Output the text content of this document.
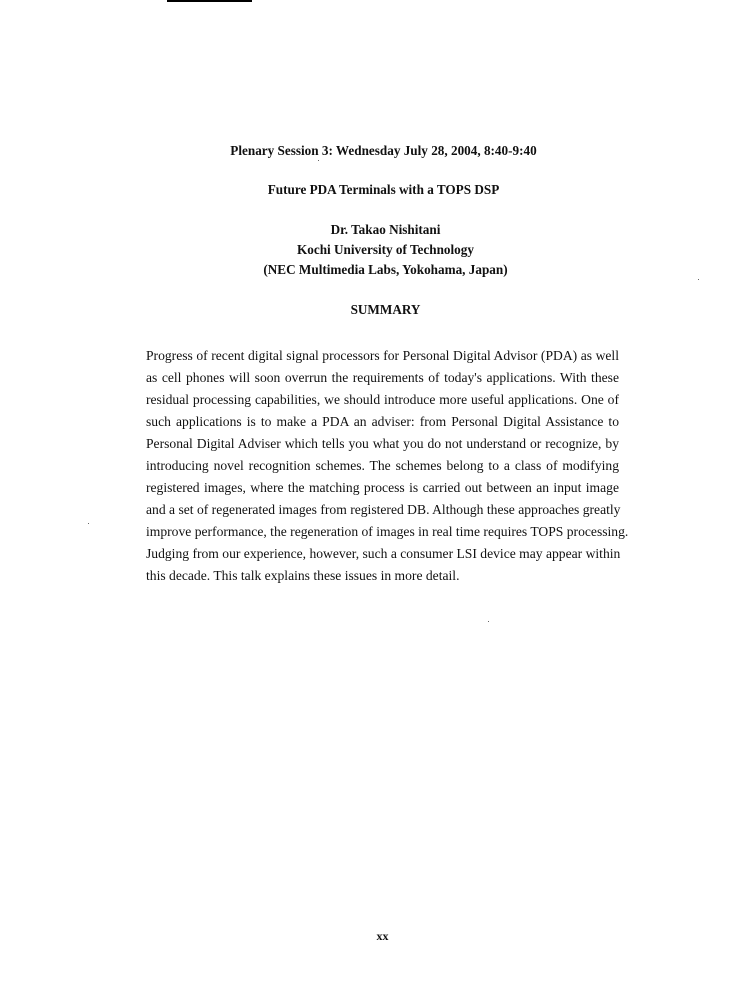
Plenary Session 3: Wednesday July 28, 2004, 8:40-9:40
Future PDA Terminals with a TOPS DSP
Dr. Takao Nishitani
Kochi University of Technology
(NEC Multimedia Labs, Yokohama, Japan)
SUMMARY
Progress of recent digital signal processors for Personal Digital Advisor (PDA) as well
as cell phones will soon overrun the requirements of today's applications. With these
residual processing capabilities, we should introduce more useful applications. One of
such applications is to make a PDA an adviser: from Personal Digital Assistance to
Personal Digital Adviser which tells you what you do not understand or recognize, by
introducing novel recognition schemes. The schemes belong to a class of modifying
registered images, where the matching process is carried out between an input image
and a set of regenerated images from registered DB. Although these approaches greatly
improve performance, the regeneration of images in real time requires TOPS processing.
Judging from our experience, however, such a consumer LSI device may appear within
this decade. This talk explains these issues in more detail.
xx
